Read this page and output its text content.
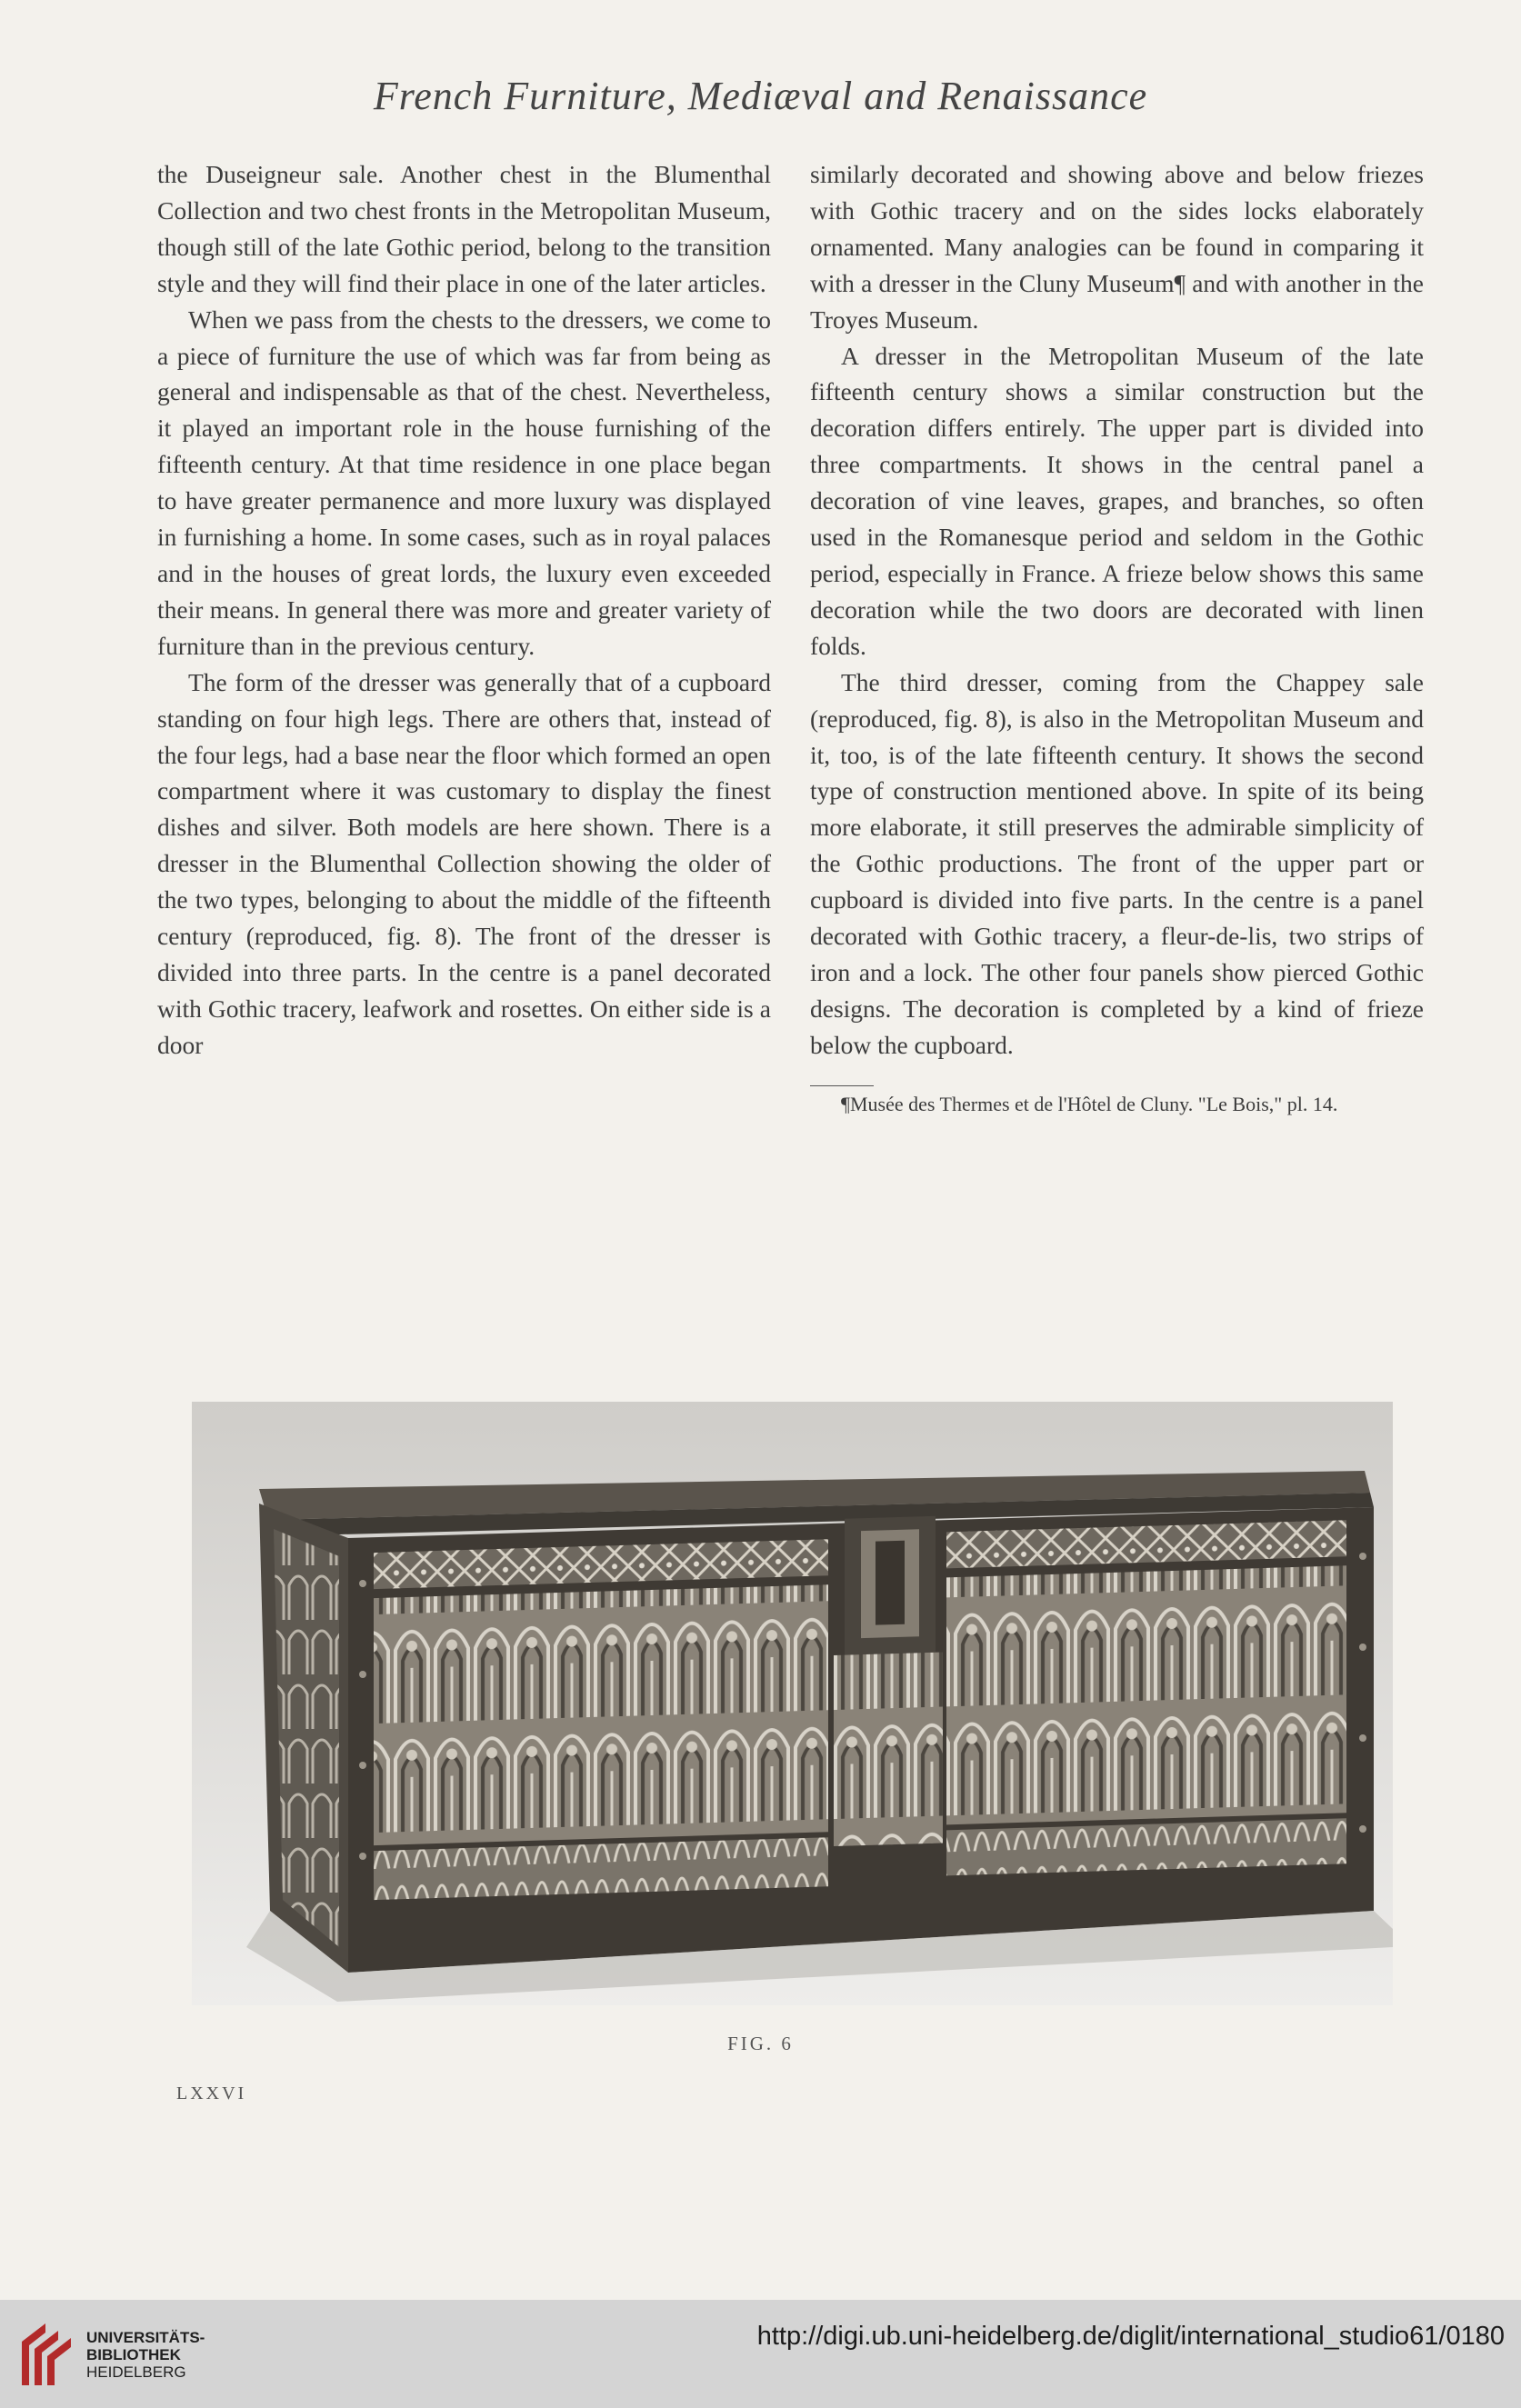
French Furniture, Mediæval and Renaissance

the Duseigneur sale. Another chest in the Blumenthal Collection and two chest fronts in the Metropolitan Museum, though still of the late Gothic period, belong to the transition style and they will find their place in one of the later articles.

When we pass from the chests to the dressers, we come to a piece of furniture the use of which was far from being as general and indispensable as that of the chest. Nevertheless, it played an important role in the house furnishing of the fifteenth century. At that time residence in one place began to have greater permanence and more luxury was displayed in furnishing a home. In some cases, such as in royal palaces and in the houses of great lords, the luxury even exceeded their means. In general there was more and greater variety of furniture than in the previous century.

The form of the dresser was generally that of a cupboard standing on four high legs. There are others that, instead of the four legs, had a base near the floor which formed an open compartment where it was customary to display the finest dishes and silver. Both models are here shown. There is a dresser in the Blumenthal Collection showing the older of the two types, belonging to about the middle of the fifteenth century (reproduced, fig. 8). The front of the dresser is divided into three parts. In the centre is a panel decorated with Gothic tracery, leafwork and rosettes. On either side is a door

similarly decorated and showing above and below friezes with Gothic tracery and on the sides locks elaborately ornamented. Many analogies can be found in comparing it with a dresser in the Cluny Museum¶ and with another in the Troyes Museum.

A dresser in the Metropolitan Museum of the late fifteenth century shows a similar construction but the decoration differs entirely. The upper part is divided into three compartments. It shows in the central panel a decoration of vine leaves, grapes, and branches, so often used in the Romanesque period and seldom in the Gothic period, especially in France. A frieze below shows this same decoration while the two doors are decorated with linen folds.

The third dresser, coming from the Chappey sale (reproduced, fig. 8), is also in the Metropolitan Museum and it, too, is of the late fifteenth century. It shows the second type of construction mentioned above. In spite of its being more elaborate, it still preserves the admirable simplicity of the Gothic productions. The front of the upper part or cupboard is divided into five parts. In the centre is a panel decorated with Gothic tracery, a fleur-de-lis, two strips of iron and a lock. The other four panels show pierced Gothic designs. The decoration is completed by a kind of frieze below the cupboard.

¶Musée des Thermes et de l'Hôtel de Cluny. "Le Bois," pl. 14.

FIG. 6
LXXVI
UNIVERSITÄTS-
BIBLIOTHEK
HEIDELBERG
http://digi.ub.uni-heidelberg.de/diglit/international_studio61/0180
